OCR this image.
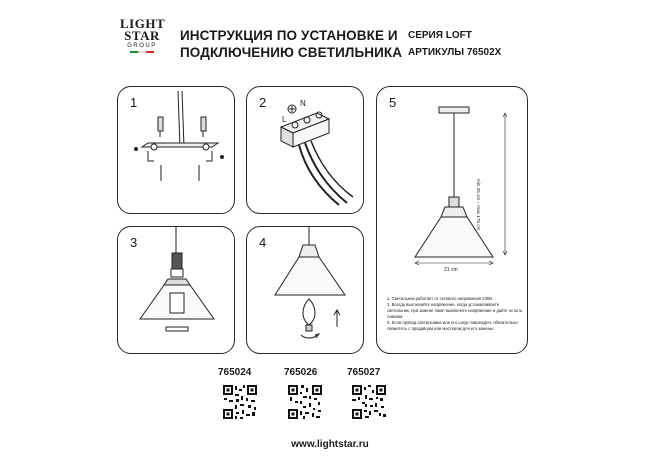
LIGHT
STAR
GROUP
ИНСТРУКЦИЯ ПО УСТАНОВКЕ И
ПОДКЛЮЧЕНИЮ СВЕТИЛЬНИКА
СЕРИЯ LOFT
АРТИКУЛЫ 76502X
1	2	N
L
3	4
5
min 25 cm – max 175 cm
21 cm

1. Светильник работает от сетевого напряжения 230В.

2. Всегда выключайте напряжение, когда устанавливаете светильник, при замене ламп выключите напряжение и дайте остыть лампам.

3. Если провод светильника или его шнур поврежден, обязательно свяжитесь с продавцом или мастером для его замены.

765024	765026	765027
www.lightstar.ru
